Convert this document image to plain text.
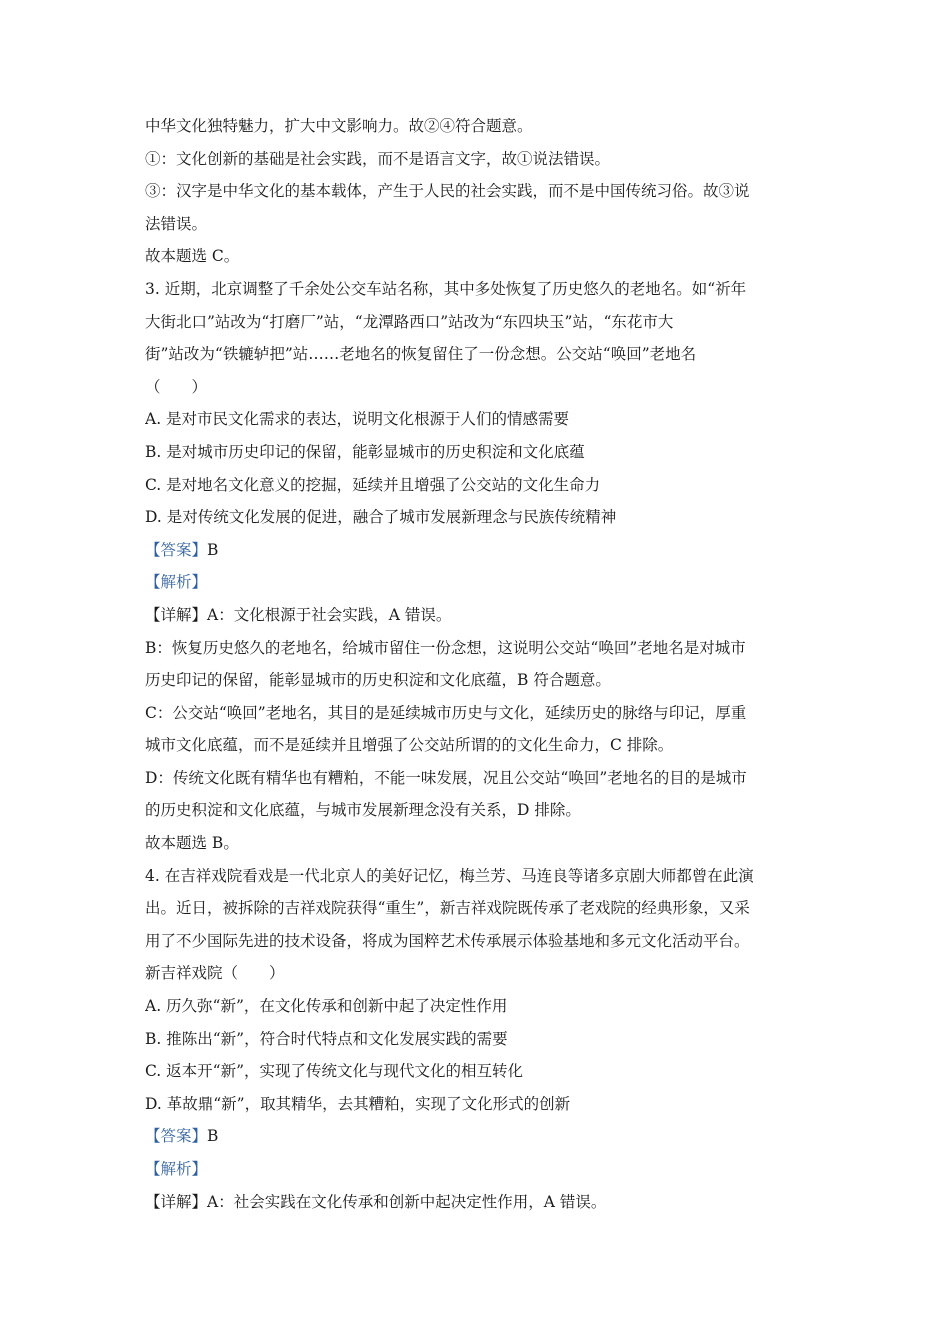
中华文化独特魅力，扩大中文影响力。故②④符合题意。
①：文化创新的基础是社会实践，而不是语言文字，故①说法错误。
③：汉字是中华文化的基本载体，产生于人民的社会实践，而不是中国传统习俗。故③说
法错误。
故本题选 C。
3. 近期，北京调整了千余处公交车站名称，其中多处恢复了历史悠久的老地名。如“祈年
大街北口”站改为“打磨厂”站，“龙潭路西口”站改为“东四块玉”站，“东花市大
街”站改为“铁辘轳把”站……老地名的恢复留住了一份念想。公交站“唤回”老地名
（　　）
A. 是对市民文化需求的表达，说明文化根源于人们的情感需要
B. 是对城市历史印记的保留，能彰显城市的历史积淀和文化底蕴
C. 是对地名文化意义的挖掘，延续并且增强了公交站的文化生命力
D. 是对传统文化发展的促进，融合了城市发展新理念与民族传统精神
【答案】B
【解析】
【详解】A：文化根源于社会实践，A 错误。
B：恢复历史悠久的老地名，给城市留住一份念想，这说明公交站“唤回”老地名是对城市
历史印记的保留，能彰显城市的历史积淀和文化底蕴，B 符合题意。
C：公交站“唤回”老地名，其目的是延续城市历史与文化，延续历史的脉络与印记，厚重
城市文化底蕴，而不是延续并且增强了公交站所谓的的文化生命力，C 排除。
D：传统文化既有精华也有糟粕，不能一味发展，况且公交站“唤回”老地名的目的是城市
的历史积淀和文化底蕴，与城市发展新理念没有关系，D 排除。
故本题选 B。
4. 在吉祥戏院看戏是一代北京人的美好记忆，梅兰芳、马连良等诸多京剧大师都曾在此演
出。近日，被拆除的吉祥戏院获得“重生”，新吉祥戏院既传承了老戏院的经典形象，又采
用了不少国际先进的技术设备，将成为国粹艺术传承展示体验基地和多元文化活动平台。
新吉祥戏院（　　）
A. 历久弥“新”，在文化传承和创新中起了决定性作用
B. 推陈出“新”，符合时代特点和文化发展实践的需要
C. 返本开“新”，实现了传统文化与现代文化的相互转化
D. 革故鼎“新”，取其精华，去其糟粕，实现了文化形式的创新
【答案】B
【解析】
【详解】A：社会实践在文化传承和创新中起决定性作用，A 错误。
